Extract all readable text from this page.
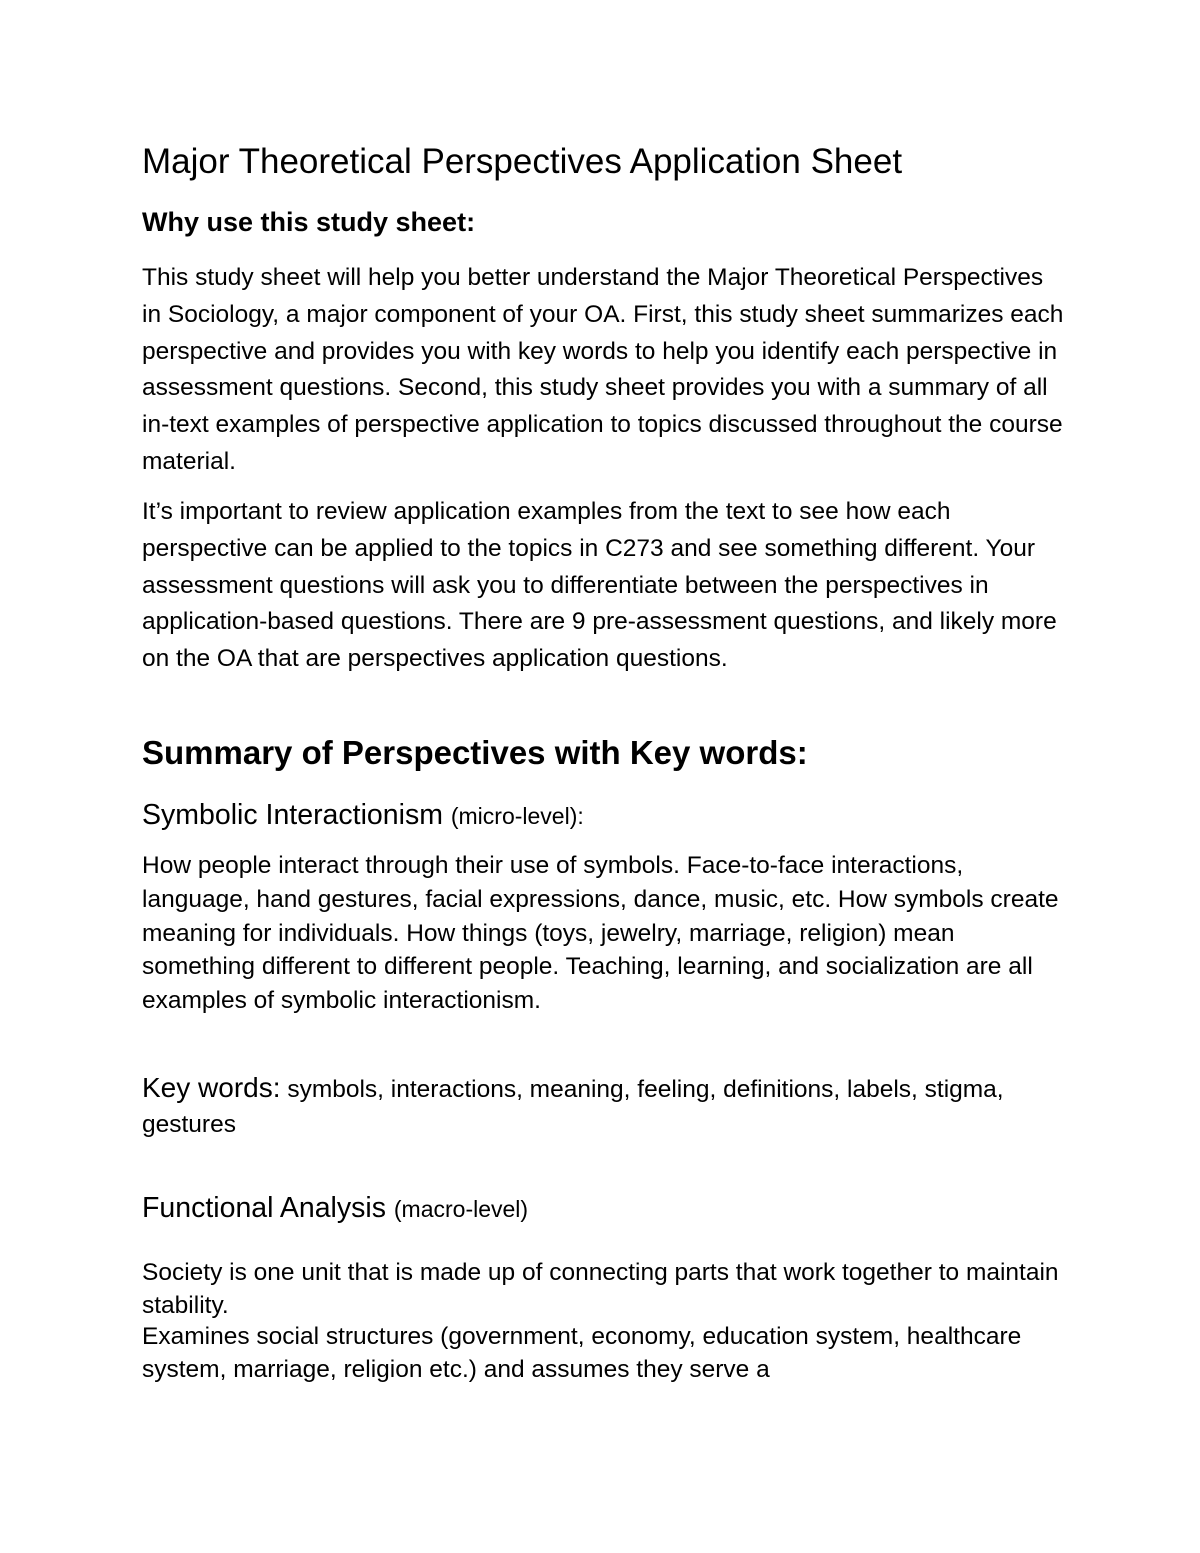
Major Theoretical Perspectives Application Sheet
Why use this study sheet:

This study sheet will help you better understand the Major Theoretical Perspectives in Sociology, a major component of your OA. First, this study sheet summarizes each perspective and provides you with key words to help you identify each perspective in assessment questions. Second, this study sheet provides you with a summary of all in-text examples of perspective application to topics discussed throughout the course material.

It’s important to review application examples from the text to see how each perspective can be applied to the topics in C273 and see something different. Your assessment questions will ask you to differentiate between the perspectives in application-based questions. There are 9 pre-assessment questions, and likely more on the OA that are perspectives application questions.

Summary of Perspectives with Key words:
Symbolic Interactionism (micro-level):

How people interact through their use of symbols. Face-to-face interactions, language, hand gestures, facial expressions, dance, music, etc. How symbols create meaning for individuals. How things (toys, jewelry, marriage, religion) mean something different to different people. Teaching, learning, and socialization are all examples of symbolic interactionism.

Key words: symbols, interactions, meaning, feeling, definitions, labels, stigma, gestures

Functional Analysis (macro-level)

Society is one unit that is made up of connecting parts that work together to maintain stability.

Examines social structures (government, economy, education system, healthcare system, marriage, religion etc.) and assumes they serve a
